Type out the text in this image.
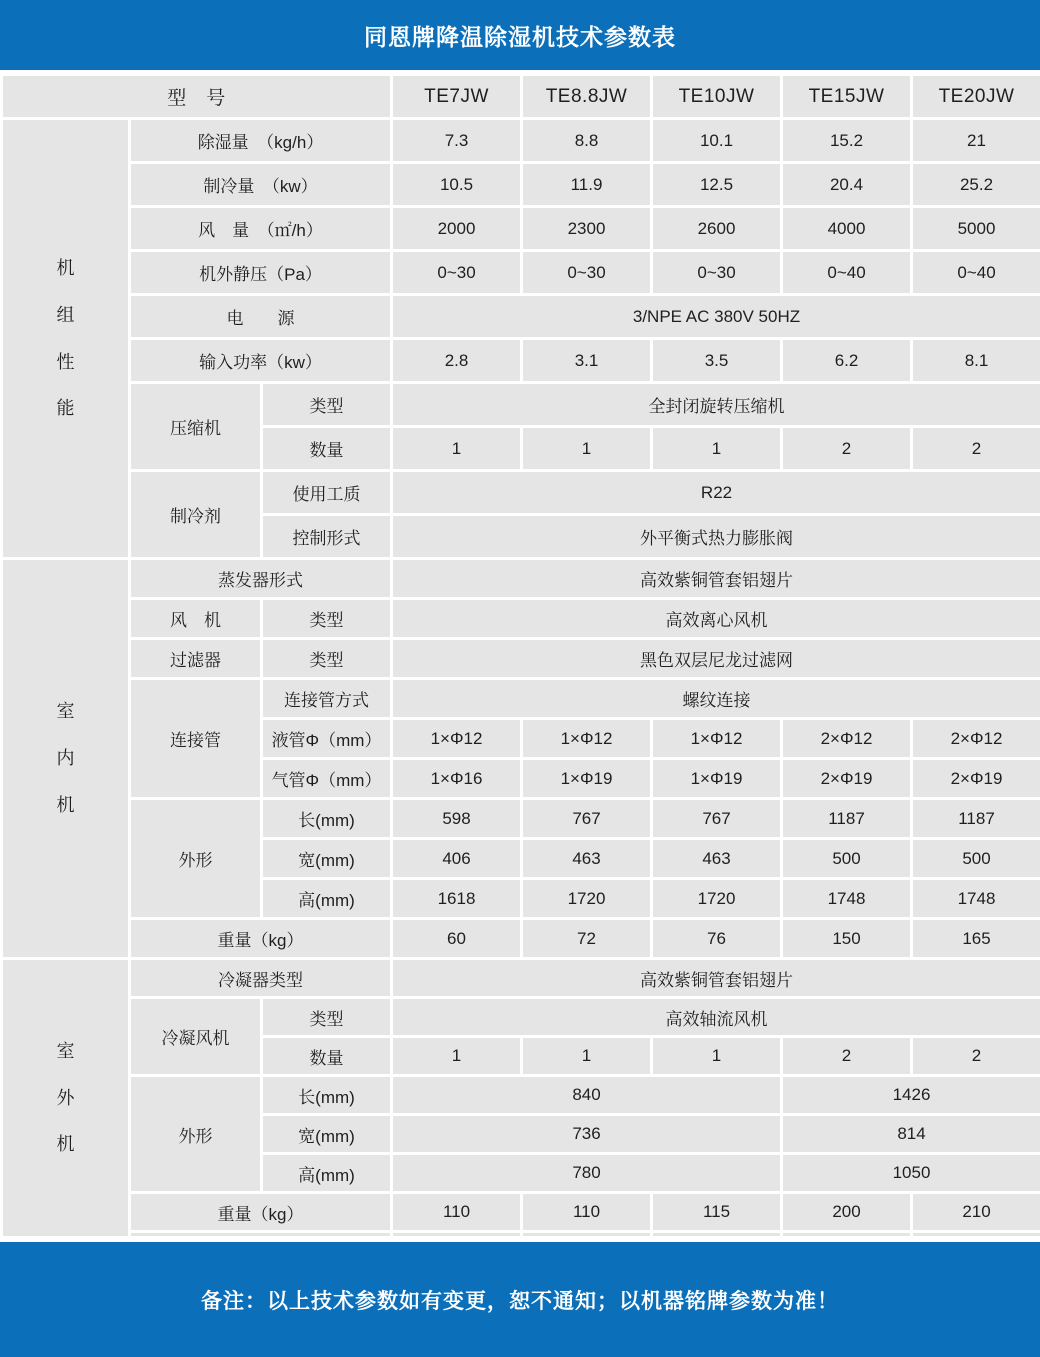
同恩牌降温除湿机技术参数表
型　号			TE7JW	TE8.8JW	TE10JW	TE15JW	TE20JW
机组性能	除湿量　（kg/h）		7.3	8.8	10.1	15.2	21
	制冷量　（kw）		10.5	11.9	12.5	20.4	25.2
	风　量　（㎡/h）		2000	2300	2600	4000	5000
	机外静压（Pa）		0~30	0~30	0~30	0~40	0~40
	电　　源		3/NPE AC 380V 50HZ				
	输入功率（kw）		2.8	3.1	3.5	6.2	8.1
	压缩机	类型	全封闭旋转压缩机				
		数量	1	1	1	2	2
	制冷剂	使用工质	R22				
		控制形式	外平衡式热力膨胀阀				
室内机	蒸发器形式		高效紫铜管套铝翅片				
	风　机	类型	高效离心风机				
	过滤器	类型	黑色双层尼龙过滤网				
	连接管	连接管方式	螺纹连接				
		液管Φ（mm）	1×Φ12	1×Φ12	1×Φ12	2×Φ12	2×Φ12
		气管Φ（mm）	1×Φ16	1×Φ19	1×Φ19	2×Φ19	2×Φ19
	外形	长(mm)	598	767	767	1187	1187
		宽(mm)	406	463	463	500	500
		高(mm)	1618	1720	1720	1748	1748
	重量（kg）		60	72	76	150	165
室外机	冷凝器类型		高效紫铜管套铝翅片				
	冷凝风机	类型	高效轴流风机				
		数量	1	1	1	2	2
	外形	长(mm)	840			1426	
		宽(mm)	736			814	
		高(mm)	780			1050	
	重量（kg）		110	110	115	200	210

备注：以上技术参数如有变更，恕不通知；以机器铭牌参数为准！
